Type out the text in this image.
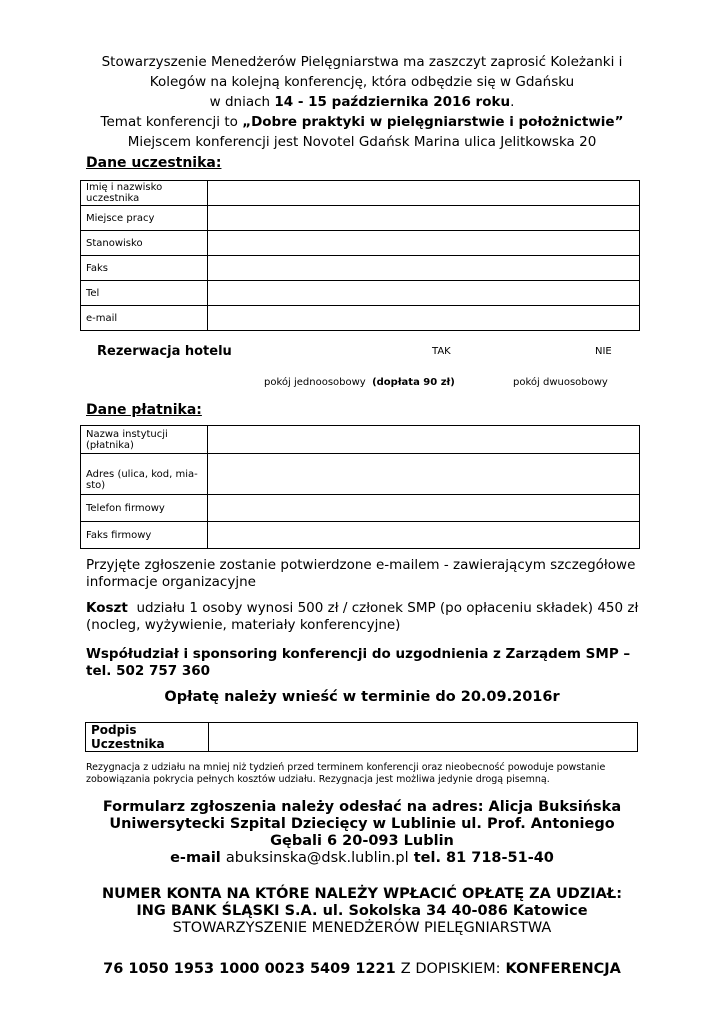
Stowarzyszenie Menedżerów Pielęgniarstwa ma zaszczyt zaprosić Koleżanki i
Kolegów na kolejną konferencję, która odbędzie się w Gdańsku
w dniach 14 - 15 października 2016 roku.
Temat konferencji to „Dobre praktyki w pielęgniarstwie i położnictwie”
Miejscem konferencji jest Novotel Gdańsk Marina ulica Jelitkowska 20
Dane uczestnika:
Imię i nazwisko uczestnika	
Miejsce pracy	
Stanowisko	
Faks	
Tel	
e-mail	
Rezerwacja hotelu	TAK	NIE
pokój jednoosobowy (dopłata 90 zł)	pokój dwuosobowy
Dane płatnika:
Nazwa instytucji (płatnika)	
Adres (ulica, kod, mia-sto)	
Telefon firmowy	
Faks firmowy	
Przyjęte zgłoszenie zostanie potwierdzone e-mailem - zawierającym szczegółowe informacje organizacyjne
Koszt udziału 1 osoby wynosi 500 zł / członek SMP (po opłaceniu składek) 450 zł (nocleg, wyżywienie, materiały konferencyjne)
Współudział i sponsoring konferencji do uzgodnienia z Zarządem SMP – tel. 502 757 360
Opłatę należy wnieść w terminie do 20.09.2016r
Podpis Uczestnika	
Rezygnacja z udziału na mniej niż tydzień przed terminem konferencji oraz nieobecność powoduje powstanie zobowiązania pokrycia pełnych kosztów udziału. Rezygnacja jest możliwa jedynie drogą pisemną.
Formularz zgłoszenia należy odesłać na adres: Alicja Buksińska
Uniwersytecki Szpital Dziecięcy w Lublinie ul. Prof. Antoniego
Gębali 6 20-093 Lublin
e-mail abuksinska@dsk.lublin.pl tel. 81 718-51-40
NUMER KONTA NA KTÓRE NALEŻY WPŁACIĆ OPŁATĘ ZA UDZIAŁ:
ING BANK ŚLĄSKI S.A. ul. Sokolska 34 40-086 Katowice
STOWARZYSZENIE MENEDŻERÓW PIELĘGNIARSTWA
76 1050 1953 1000 0023 5409 1221 Z DOPISKIEM: KONFERENCJA
